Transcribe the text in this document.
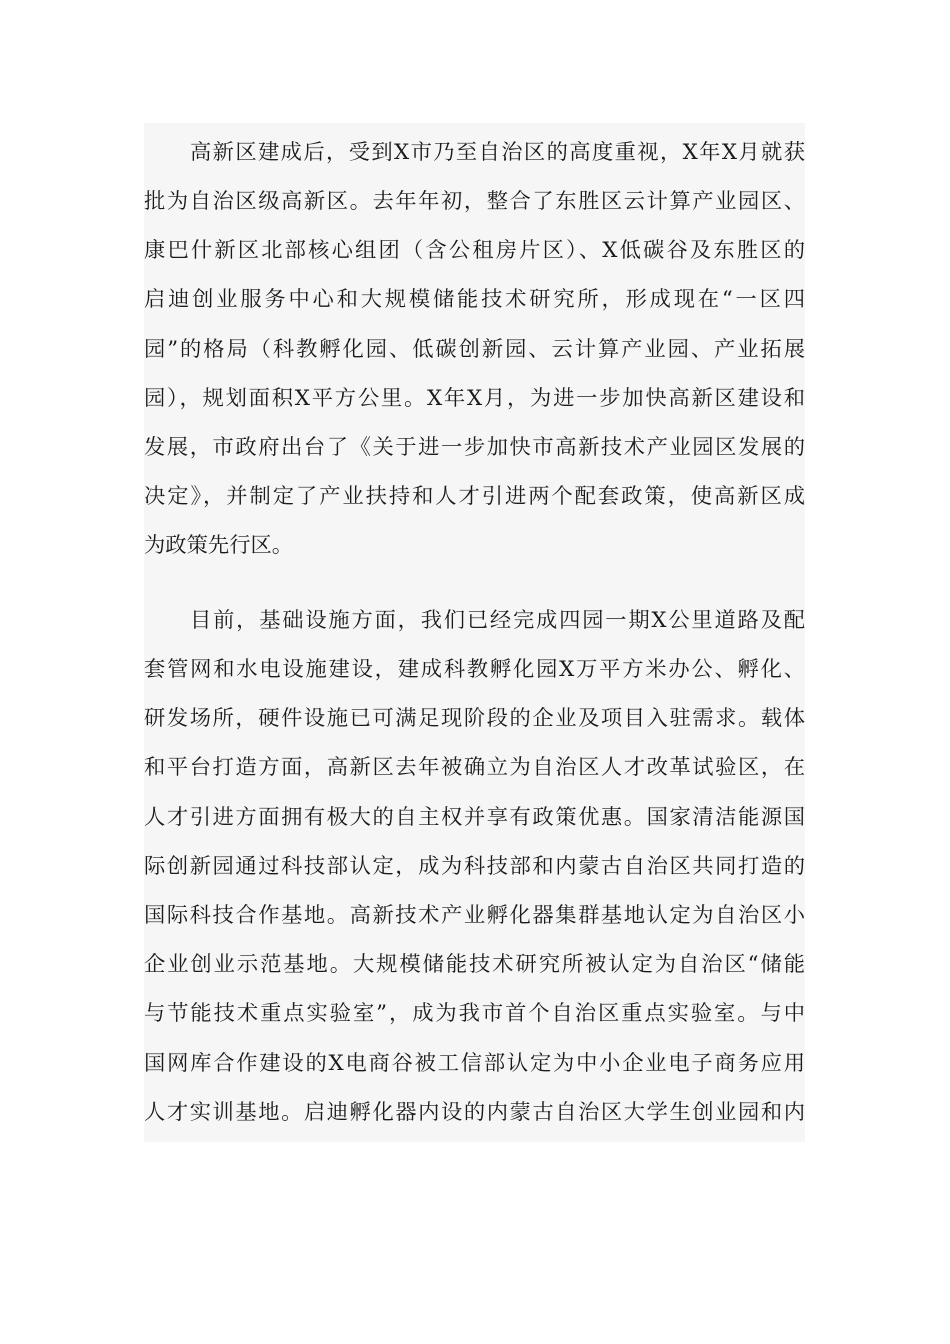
高新区建成后，受到X市乃至自治区的高度重视，X年X月就获
批为自治区级高新区。去年年初，整合了东胜区云计算产业园区、
康巴什新区北部核心组团（含公租房片区）、X低碳谷及东胜区的
启迪创业服务中心和大规模储能技术研究所，形成现在“一区四
园”的格局（科教孵化园、低碳创新园、云计算产业园、产业拓展
园），规划面积X平方公里。X年X月，为进一步加快高新区建设和
发展，市政府出台了《关于进一步加快市高新技术产业园区发展的
决定》，并制定了产业扶持和人才引进两个配套政策，使高新区成
为政策先行区。
目前，基础设施方面，我们已经完成四园一期X公里道路及配
套管网和水电设施建设，建成科教孵化园X万平方米办公、孵化、
研发场所，硬件设施已可满足现阶段的企业及项目入驻需求。载体
和平台打造方面，高新区去年被确立为自治区人才改革试验区，在
人才引进方面拥有极大的自主权并享有政策优惠。国家清洁能源国
际创新园通过科技部认定，成为科技部和内蒙古自治区共同打造的
国际科技合作基地。高新技术产业孵化器集群基地认定为自治区小
企业创业示范基地。大规模储能技术研究所被认定为自治区“储能
与节能技术重点实验室”，成为我市首个自治区重点实验室。与中
国网库合作建设的X电商谷被工信部认定为中小企业电子商务应用
人才实训基地。启迪孵化器内设的内蒙古自治区大学生创业园和内
